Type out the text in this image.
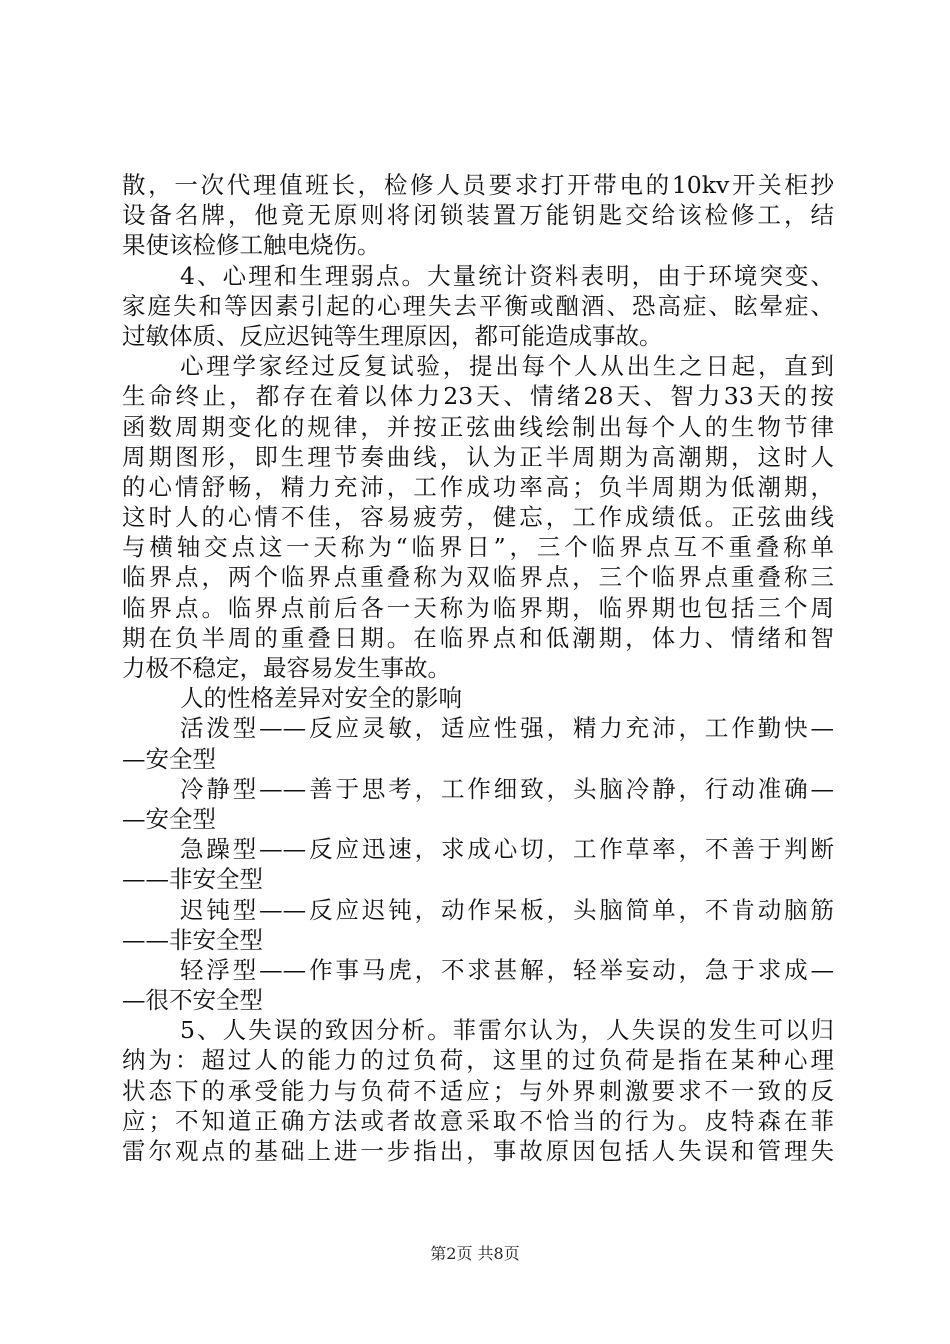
散，一次代理值班长，检修人员要求打开带电的10kv开关柜抄
设备名牌，他竟无原则将闭锁装置万能钥匙交给该检修工，结
果使该检修工触电烧伤。
4、心理和生理弱点。大量统计资料表明，由于环境突变、
家庭失和等因素引起的心理失去平衡或酗酒、恐高症、眩晕症、
过敏体质、反应迟钝等生理原因，都可能造成事故。
心理学家经过反复试验，提出每个人从出生之日起，直到
生命终止，都存在着以体力23天、情绪28天、智力33天的按
函数周期变化的规律，并按正弦曲线绘制出每个人的生物节律
周期图形，即生理节奏曲线，认为正半周期为高潮期，这时人
的心情舒畅，精力充沛，工作成功率高；负半周期为低潮期，
这时人的心情不佳，容易疲劳，健忘，工作成绩低。正弦曲线
与横轴交点这一天称为“临界日”，三个临界点互不重叠称单
临界点，两个临界点重叠称为双临界点，三个临界点重叠称三
临界点。临界点前后各一天称为临界期，临界期也包括三个周
期在负半周的重叠日期。在临界点和低潮期，体力、情绪和智
力极不稳定，最容易发生事故。
人的性格差异对安全的影响
活泼型——反应灵敏，适应性强，精力充沛，工作勤快—
—安全型
冷静型——善于思考，工作细致，头脑冷静，行动准确—
—安全型
急躁型——反应迅速，求成心切，工作草率，不善于判断
——非安全型
迟钝型——反应迟钝，动作呆板，头脑简单，不肯动脑筋
——非安全型
轻浮型——作事马虎，不求甚解，轻举妄动，急于求成—
—很不安全型
5、人失误的致因分析。菲雷尔认为，人失误的发生可以归
纳为：超过人的能力的过负荷，这里的过负荷是指在某种心理
状态下的承受能力与负荷不适应；与外界刺激要求不一致的反
应；不知道正确方法或者故意采取不恰当的行为。皮特森在菲
雷尔观点的基础上进一步指出，事故原因包括人失误和管理失
第2页 共8页
